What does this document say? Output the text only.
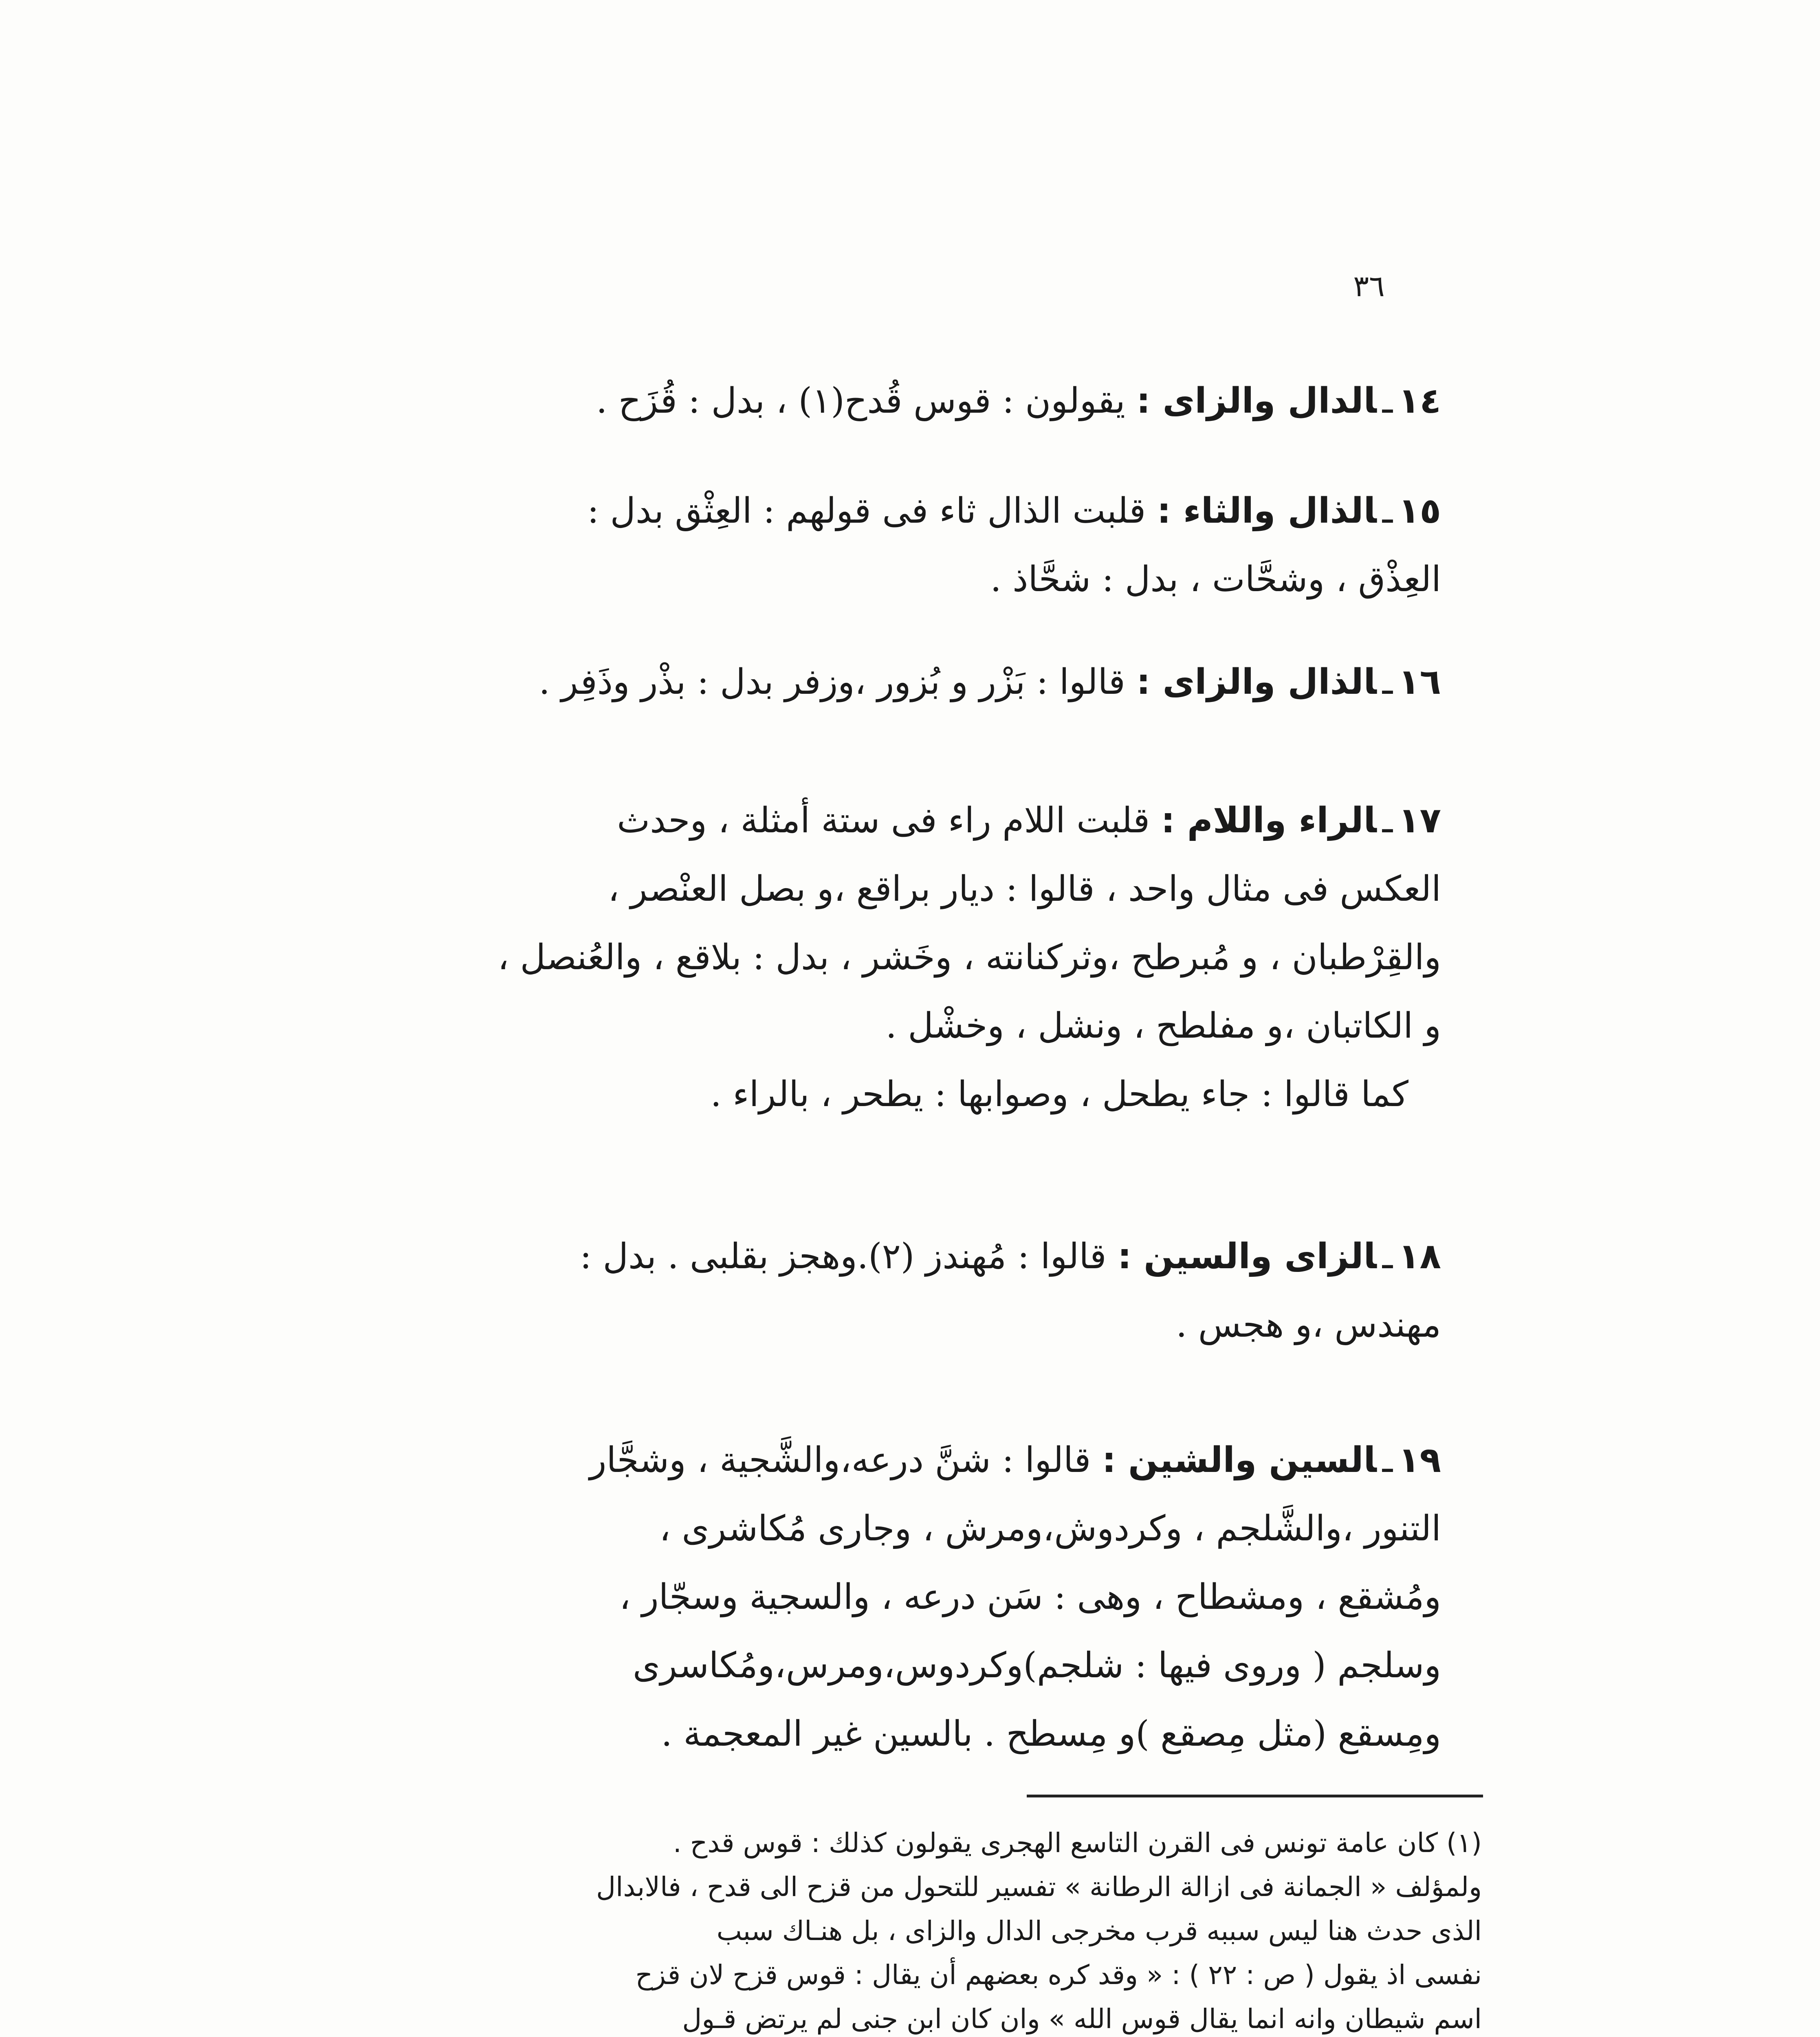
٣٦
١٤ـالدال والزاى : يقولون : قوس قُدح(١) ، بدل : قُزَح .
١٥ـالذال والثاء : قلبت الذال ثاء فى قولهم : العِثْق بدل :
العِذْق ، وشحَّات ، بدل : شحَّاذ .
١٦ـالذال والزاى : قالوا : بَزْر و بُزور ،وزفر بدل : بذْر وذَفِر .
١٧ـالراء واللام : قلبت اللام راء فى ستة أمثلة ، وحدث
العكس فى مثال واحد ، قالوا : ديار براقع ،و بصل العنْصر ،
والقِرْطبان ، و مُبرطح ،وثركنانته ، وخَشر ، بدل : بلاقع ، والعُنصل ،
و الكاتبان ،و مفلطح ، ونشل ، وخشْل .
كما قالوا : جاء يطحل ، وصوابها : يطحر ، بالراء .
١٨ـالزاى والسين : قالوا : مُهندز (٢).وهجز بقلبى . بدل :
مهندس ،و هجس .
١٩ـالسين والشين : قالوا : شنَّ درعه،والشَّجية ، وشجَّار
التنور ،والشَّلجم ، وكردوش،ومرش ، وجارى مُكاشرى ،
ومُشقع ، ومشطاح ، وهى : سَن درعه ، والسجية وسجّار ،
وسلجم ( وروى فيها : شلجم)وكردوس،ومرس،ومُكاسرى
ومِسقع (مثل مِصقع )و مِسطح . بالسين غير المعجمة .
(١) كان عامة تونس فى القرن التاسع الهجرى يقولون كذلك : قوس قدح .
ولمؤلف « الجمانة فى ازالة الرطانة » تفسير للتحول من قزح الى قدح ، فالابدال
الذى حدث هنا ليس سببه قرب مخرجى الدال والزاى ، بل هنـاك سبب
نفسى اذ يقول ( ص : ٢٢ ) : « وقد كره بعضهم أن يقال : قوس قزح لان قزح
اسم شيطان وانه انما يقال قوس الله » وان كان ابن جنى لم يرتض قـول
